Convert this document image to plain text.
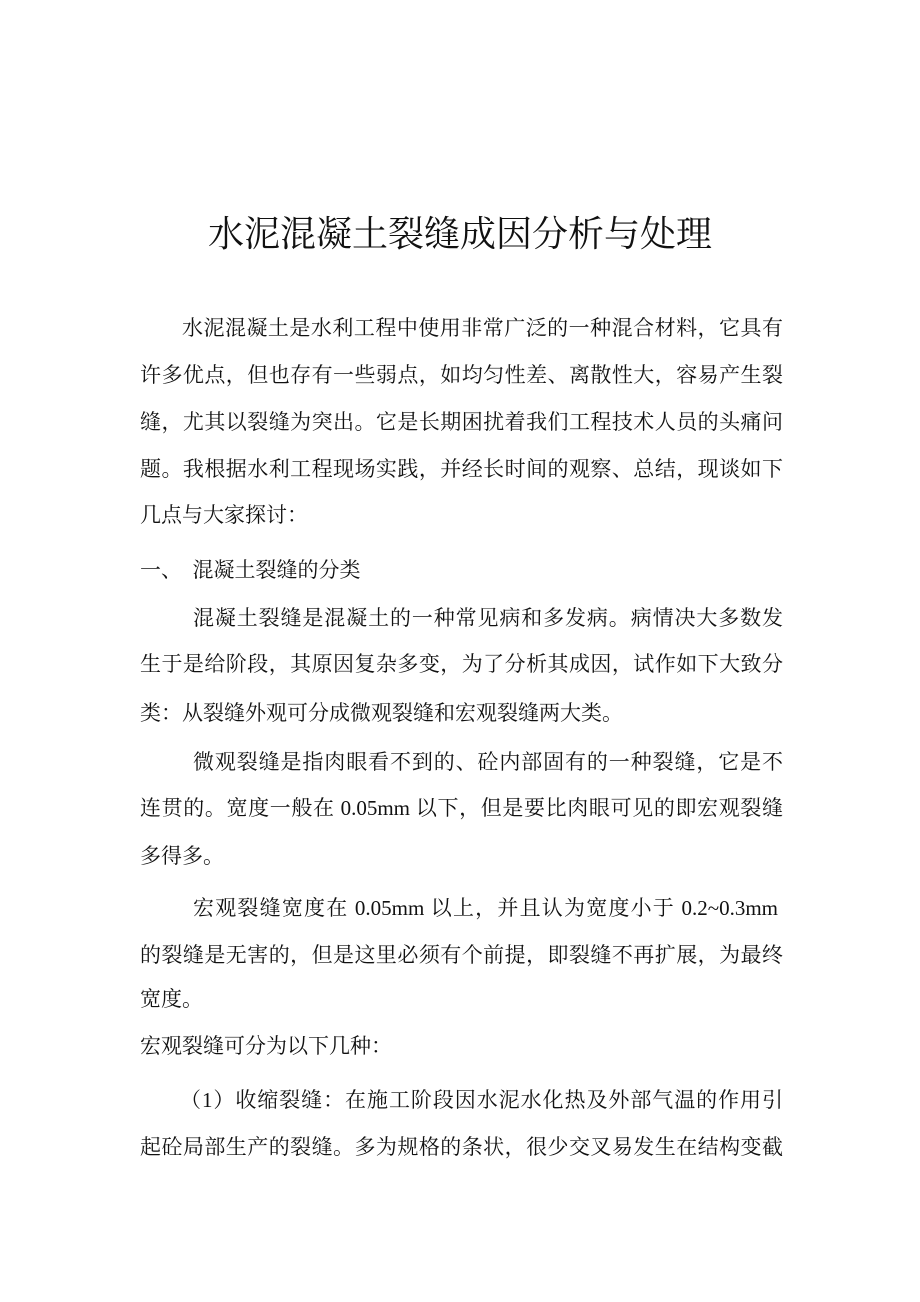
水泥混凝土裂缝成因分析与处理
水泥混凝土是水利工程中使用非常广泛的一种混合材料，它具有
许多优点，但也存有一些弱点，如均匀性差、离散性大，容易产生裂
缝，尤其以裂缝为突出。它是长期困扰着我们工程技术人员的头痛问
题。我根据水利工程现场实践，并经长时间的观察、总结，现谈如下
几点与大家探讨：
一、  混凝土裂缝的分类
混凝土裂缝是混凝土的一种常见病和多发病。病情决大多数发
生于是给阶段，其原因复杂多变，为了分析其成因，试作如下大致分
类：从裂缝外观可分成微观裂缝和宏观裂缝两大类。
微观裂缝是指肉眼看不到的、砼内部固有的一种裂缝，它是不
连贯的。宽度一般在 0.05mm 以下，但是要比肉眼可见的即宏观裂缝
多得多。
宏观裂缝宽度在 0.05mm 以上，并且认为宽度小于 0.2~0.3mm
的裂缝是无害的，但是这里必须有个前提，即裂缝不再扩展，为最终
宽度。
宏观裂缝可分为以下几种：
（1）收缩裂缝：在施工阶段因水泥水化热及外部气温的作用引
起砼局部生产的裂缝。多为规格的条状，很少交叉易发生在结构变截
